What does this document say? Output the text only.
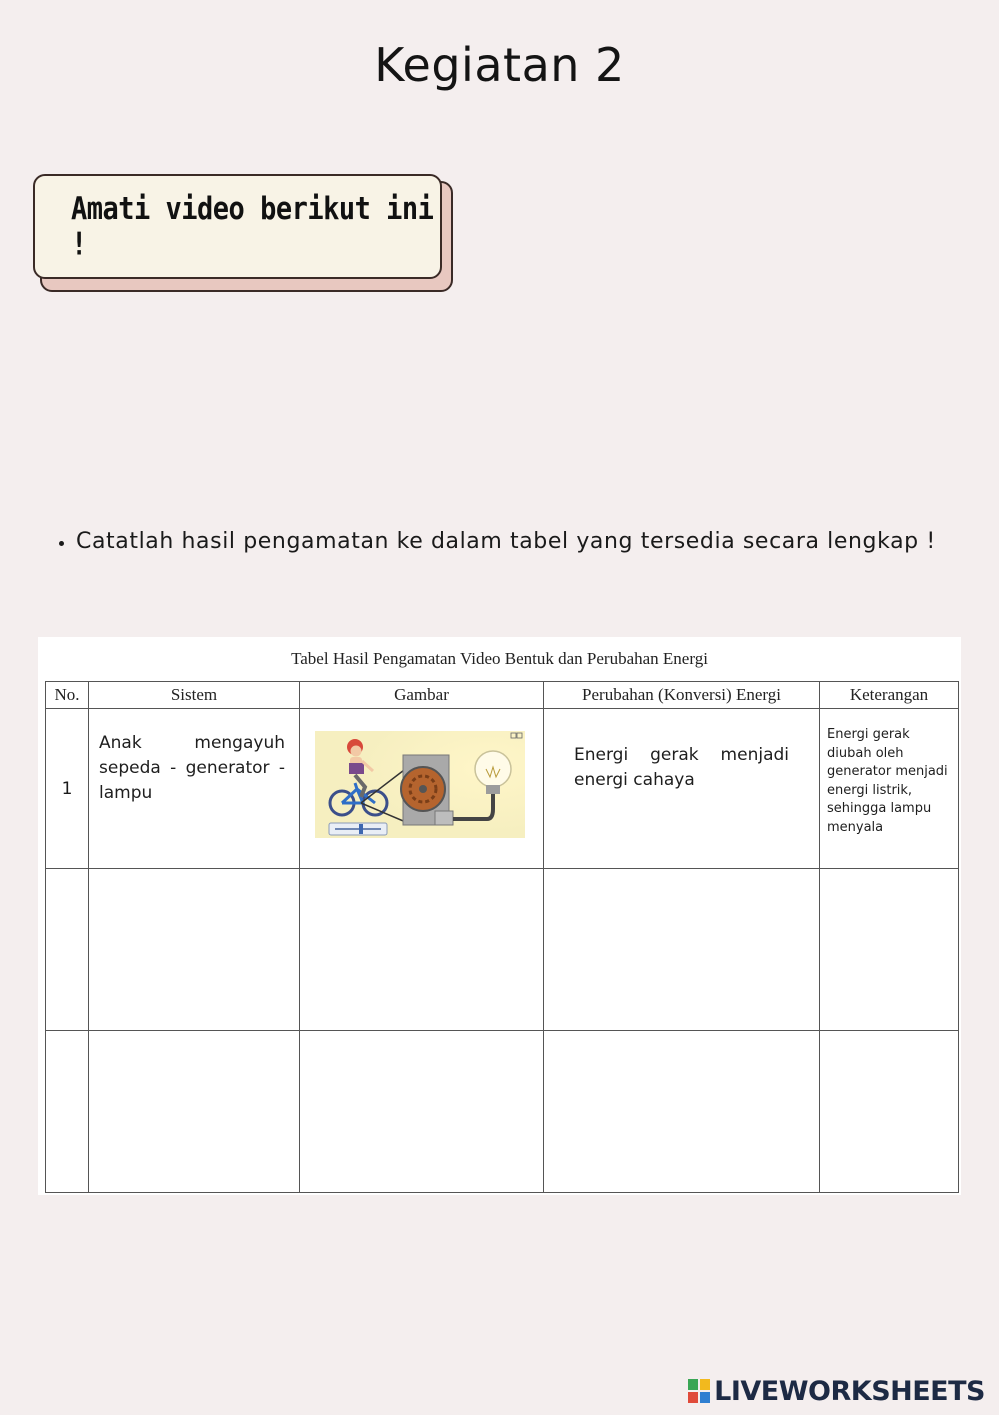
Kegiatan 2
Amati video berikut ini !
• Catatlah hasil pengamatan ke dalam tabel yang tersedia secara lengkap !
Tabel Hasil Pengamatan Video Bentuk dan Perubahan Energi
No.	Sistem	Gambar	Perubahan (Konversi) Energi	Keterangan
1	Anak mengayuh sepeda - generator - lampu		Energi gerak menjadi energi cahaya	Energi gerak diubah oleh generator menjadi energi listrik, sehingga lampu menyala

LIVEWORKSHEETS
